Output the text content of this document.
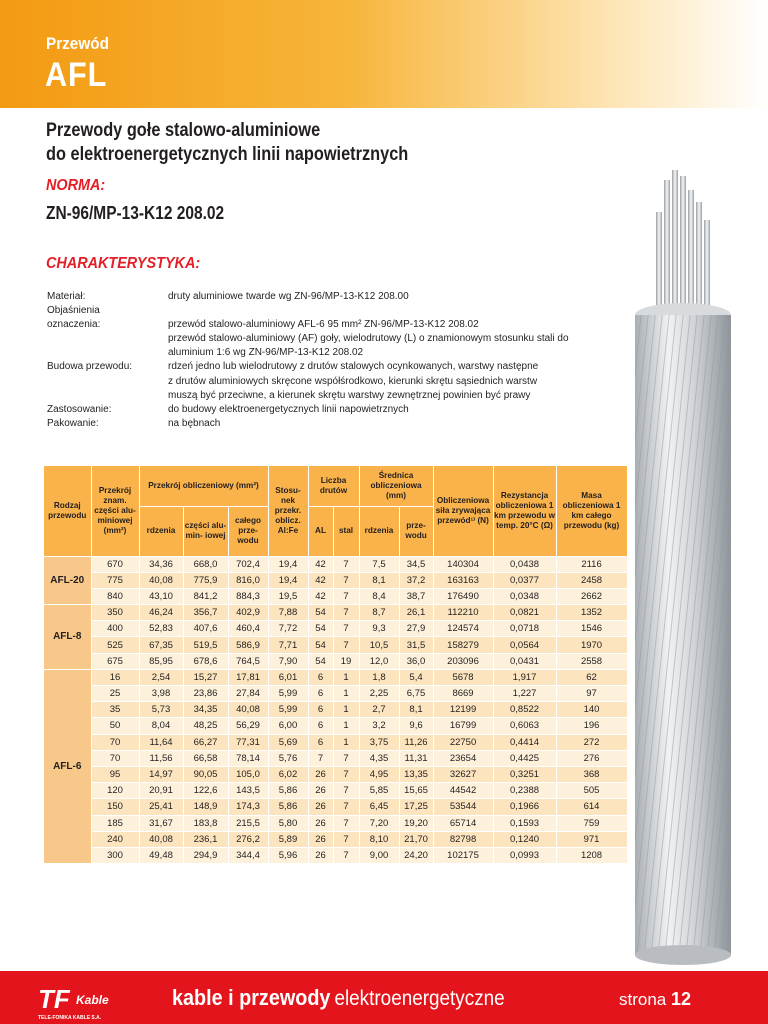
Przewód
AFL
Przewody gołe stalowo-aluminiowe
do elektroenergetycznych linii napowietrznych
NORMA:
ZN-96/MP-13-K12 208.02
CHARAKTERYSTYKA:
Materiał:	druty aluminiowe twarde wg ZN-96/MP-13-K12 208.00
Objaśnienia
oznaczenia:	przewód stalowo-aluminiowy AFL-6 95 mm² ZN-96/MP-13-K12 208.02
przewód stalowo-aluminiowy (AF) goły, wielodrutowy (L) o znamionowym stosunku stali do
aluminium 1:6 wg ZN-96/MP-13-K12 208.02
Budowa przewodu:	rdzeń jedno lub wielodrutowy z drutów stalowych ocynkowanych, warstwy następne
z drutów aluminiowych skręcone współśrodkowo, kierunki skrętu sąsiednich warstw
muszą być przeciwne, a kierunek skrętu warstwy zewnętrznej powinien być prawy
Zastosowanie:	do budowy elektroenergetycznych linii napowietrznych
Pakowanie:	na bębnach
Rodzaj przewodu	Przekrój znam. części alu- miniowej (mm²)	Przekrój obliczeniowy (mm²)			Stosu- nek przekr. oblicz. Al:Fe	Liczba drutów		Średnica obliczeniowa (mm)		Obliczeniowa siła zrywająca przewód¹⁾ (N)	Rezystancja obliczeniowa 1 km przewodu w temp. 20°C (Ω)	Masa obliczeniowa 1 km całego przewodu (kg)
		rdzenia	części alu- min- iowej	całego prze- wodu		AL	stal	rdzenia	prze- wodu			
AFL-20	670	34,36	668,0	702,4	19,4	42	7	7,5	34,5	140304	0,0438	2116
	775	40,08	775,9	816,0	19,4	42	7	8,1	37,2	163163	0,0377	2458
	840	43,10	841,2	884,3	19,5	42	7	8,4	38,7	176490	0,0348	2662
AFL-8	350	46,24	356,7	402,9	7,88	54	7	8,7	26,1	112210	0,0821	1352
	400	52,83	407,6	460,4	7,72	54	7	9,3	27,9	124574	0,0718	1546
	525	67,35	519,5	586,9	7,71	54	7	10,5	31,5	158279	0,0564	1970
	675	85,95	678,6	764,5	7,90	54	19	12,0	36,0	203096	0,0431	2558
AFL-6	16	2,54	15,27	17,81	6,01	6	1	1,8	5,4	5678	1,917	62
	25	3,98	23,86	27,84	5,99	6	1	2,25	6,75	8669	1,227	97
	35	5,73	34,35	40,08	5,99	6	1	2,7	8,1	12199	0,8522	140
	50	8,04	48,25	56,29	6,00	6	1	3,2	9,6	16799	0,6063	196
	70	11,64	66,27	77,31	5,69	6	1	3,75	11,26	22750	0,4414	272
	70	11,56	66,58	78,14	5,76	7	7	4,35	11,31	23654	0,4425	276
	95	14,97	90,05	105,0	6,02	26	7	4,95	13,35	32627	0,3251	368
	120	20,91	122,6	143,5	5,86	26	7	5,85	15,65	44542	0,2388	505
	150	25,41	148,9	174,3	5,86	26	7	6,45	17,25	53544	0,1966	614
	185	31,67	183,8	215,5	5,80	26	7	7,20	19,20	65714	0,1593	759
	240	40,08	236,1	276,2	5,89	26	7	8,10	21,70	82798	0,1240	971
	300	49,48	294,9	344,4	5,96	26	7	9,00	24,20	102175	0,0993	1208
TF Kable
TELE-FONIKA KABLE S.A.
kable i przewody elektroenergetyczne	strona 12
